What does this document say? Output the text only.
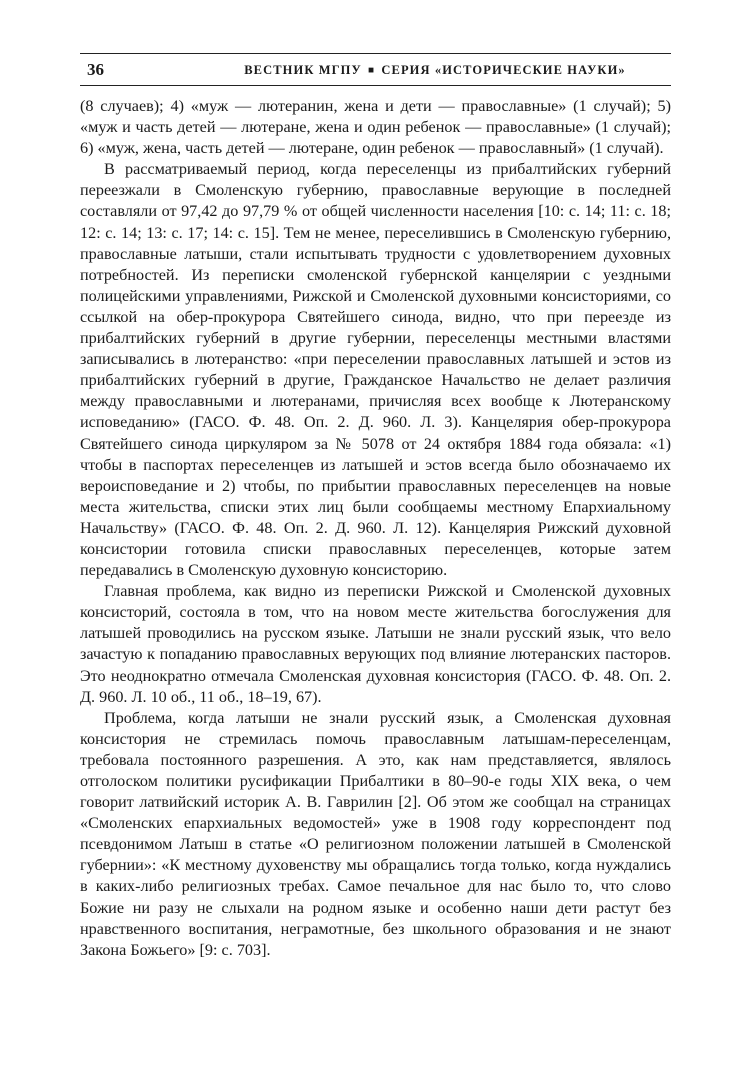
36	ВЕСТНИК МГПУ ■ СЕРИЯ «ИСТОРИЧЕСКИЕ НАУКИ»

(8 случаев); 4) «муж — лютеранин, жена и дети — православные» (1 случай); 5) «муж и часть детей — лютеране, жена и один ребенок — православные» (1 случай); 6) «муж, жена, часть детей — лютеране, один ребенок — православный» (1 случай).

В рассматриваемый период, когда переселенцы из прибалтийских губерний переезжали в Смоленскую губернию, православные верующие в последней составляли от 97,42 до 97,79 % от общей численности населения [10: с. 14; 11: с. 18; 12: с. 14; 13: с. 17; 14: с. 15]. Тем не менее, переселившись в Смоленскую губернию, православные латыши, стали испытывать трудности с удовлетворением духовных потребностей. Из переписки смоленской губернской канцелярии с уездными полицейскими управлениями, Рижской и Смоленской духовными консисториями, со ссылкой на обер-прокурора Святейшего синода, видно, что при переезде из прибалтийских губерний в другие губернии, переселенцы местными властями записывались в лютеранство: «при переселении православных латышей и эстов из прибалтийских губерний в другие, Гражданское Начальство не делает различия между православными и лютеранами, причисляя всех вообще к Лютеранскому исповеданию» (ГАСО. Ф. 48. Оп. 2. Д. 960. Л. 3). Канцелярия обер-прокурора Святейшего синода циркуляром за № 5078 от 24 октября 1884 года обязала: «1) чтобы в паспортах переселенцев из латышей и эстов всегда было обозначаемо их вероисповедание и 2) чтобы, по прибытии православных переселенцев на новые места жительства, списки этих лиц были сообщаемы местному Епархиальному Начальству» (ГАСО. Ф. 48. Оп. 2. Д. 960. Л. 12). Канцелярия Рижский духовной консистории готовила списки православных переселенцев, которые затем передавались в Смоленскую духовную консисторию.

Главная проблема, как видно из переписки Рижской и Смоленской духовных консисторий, состояла в том, что на новом месте жительства богослужения для латышей проводились на русском языке. Латыши не знали русский язык, что вело зачастую к попаданию православных верующих под влияние лютеранских пасторов. Это неоднократно отмечала Смоленская духовная консистория (ГАСО. Ф. 48. Оп. 2. Д. 960. Л. 10 об., 11 об., 18–19, 67).

Проблема, когда латыши не знали русский язык, а Смоленская духовная консистория не стремилась помочь православным латышам-переселенцам, требовала постоянного разрешения. А это, как нам представляется, являлось отголоском политики русификации Прибалтики в 80–90-е годы XIX века, о чем говорит латвийский историк А. В. Гаврилин [2]. Об этом же сообщал на страницах «Смоленских епархиальных ведомостей» уже в 1908 году корреспондент под псевдонимом Латыш в статье «О религиозном положении латышей в Смоленской губернии»: «К местному духовенству мы обращались тогда только, когда нуждались в каких-либо религиозных требах. Самое печальное для нас было то, что слово Божие ни разу не слыхали на родном языке и особенно наши дети растут без нравственного воспитания, неграмотные, без школьного образования и не знают Закона Божьего» [9: с. 703].
